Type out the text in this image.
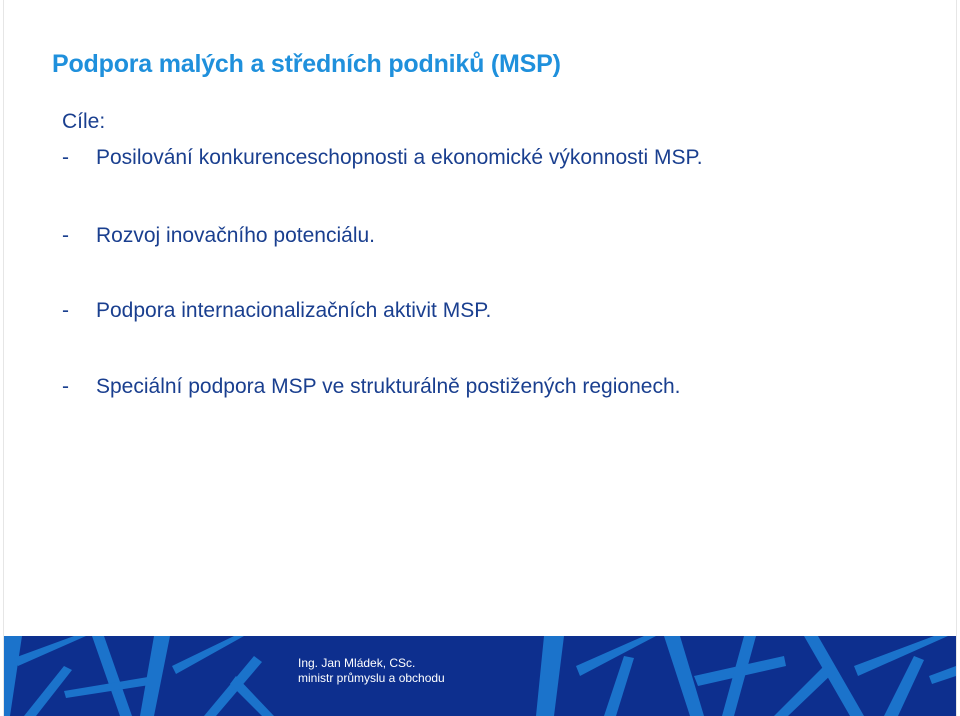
Podpora malých a středních podniků (MSP)
Cíle:
- Posilování konkurenceschopnosti a ekonomické výkonnosti MSP.
- Rozvoj inovačního potenciálu.
- Podpora internacionalizačních aktivit MSP.
- Speciální podpora MSP ve strukturálně postižených regionech.
Ing. Jan Mládek, CSc.
ministr průmyslu a obchodu
